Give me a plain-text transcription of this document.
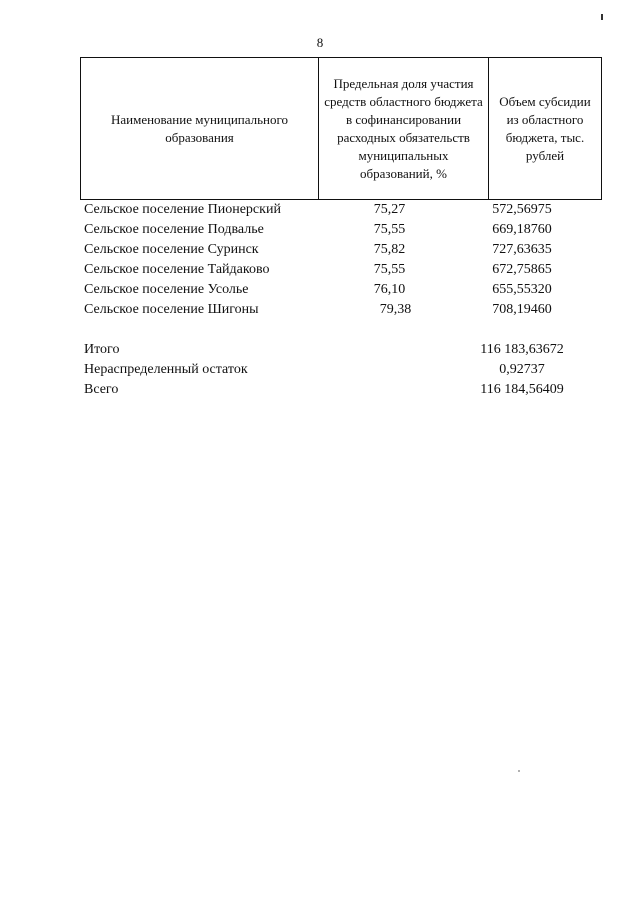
8
Наименование муниципального образования	Предельная доля участия средств областного бюджета в софинансировании расходных обязательств муниципальных образований, %	Объем субсидии из областного бюджета, тыс. рублей
Сельское поселение Пионерский	75,27	572,56975
Сельское поселение Подвалье	75,55	669,18760
Сельское поселение Суринск	75,82	727,63635
Сельское поселение Тайдаково	75,55	672,75865
Сельское поселение Усолье	76,10	655,55320
Сельское поселение Шигоны	79,38	708,19460
Итого	116 183,63672
Нераспределенный остаток	0,92737
Всего	116 184,56409
